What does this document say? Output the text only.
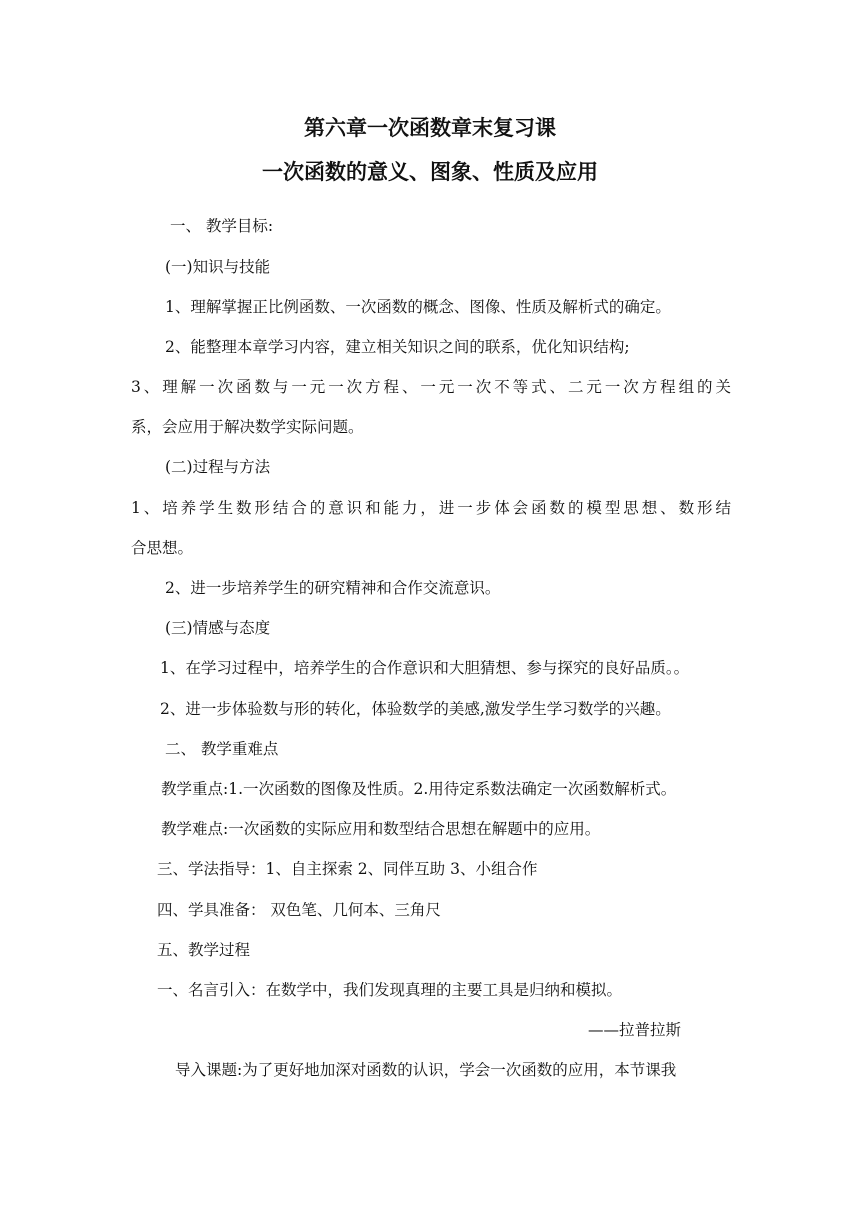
第六章一次函数章末复习课
一次函数的意义、图象、性质及应用
一、 教学目标:
(一)知识与技能
1、理解掌握正比例函数、一次函数的概念、图像、性质及解析式的确定。
2、能整理本章学习内容，建立相关知识之间的联系，优化知识结构;
3、理解一次函数与一元一次方程、一元一次不等式、二元一次方程组的关
系，会应用于解决数学实际问题。
(二)过程与方法
1、培养学生数形结合的意识和能力，进一步体会函数的模型思想、数形结
合思想。
2、进一步培养学生的研究精神和合作交流意识。
(三)情感与态度
1、在学习过程中，培养学生的合作意识和大胆猜想、参与探究的良好品质。。
2、进一步体验数与形的转化，体验数学的美感,激发学生学习数学的兴趣。
二、 教学重难点
教学重点:1.一次函数的图像及性质。2.用待定系数法确定一次函数解析式。
教学难点:一次函数的实际应用和数型结合思想在解题中的应用。
三、学法指导：1、自主探索 2、同伴互助 3、小组合作
四、学具准备： 双色笔、几何本、三角尺
五、教学过程
一、名言引入：在数学中，我们发现真理的主要工具是归纳和模拟。
——拉普拉斯
导入课题:为了更好地加深对函数的认识，学会一次函数的应用，本节课我
